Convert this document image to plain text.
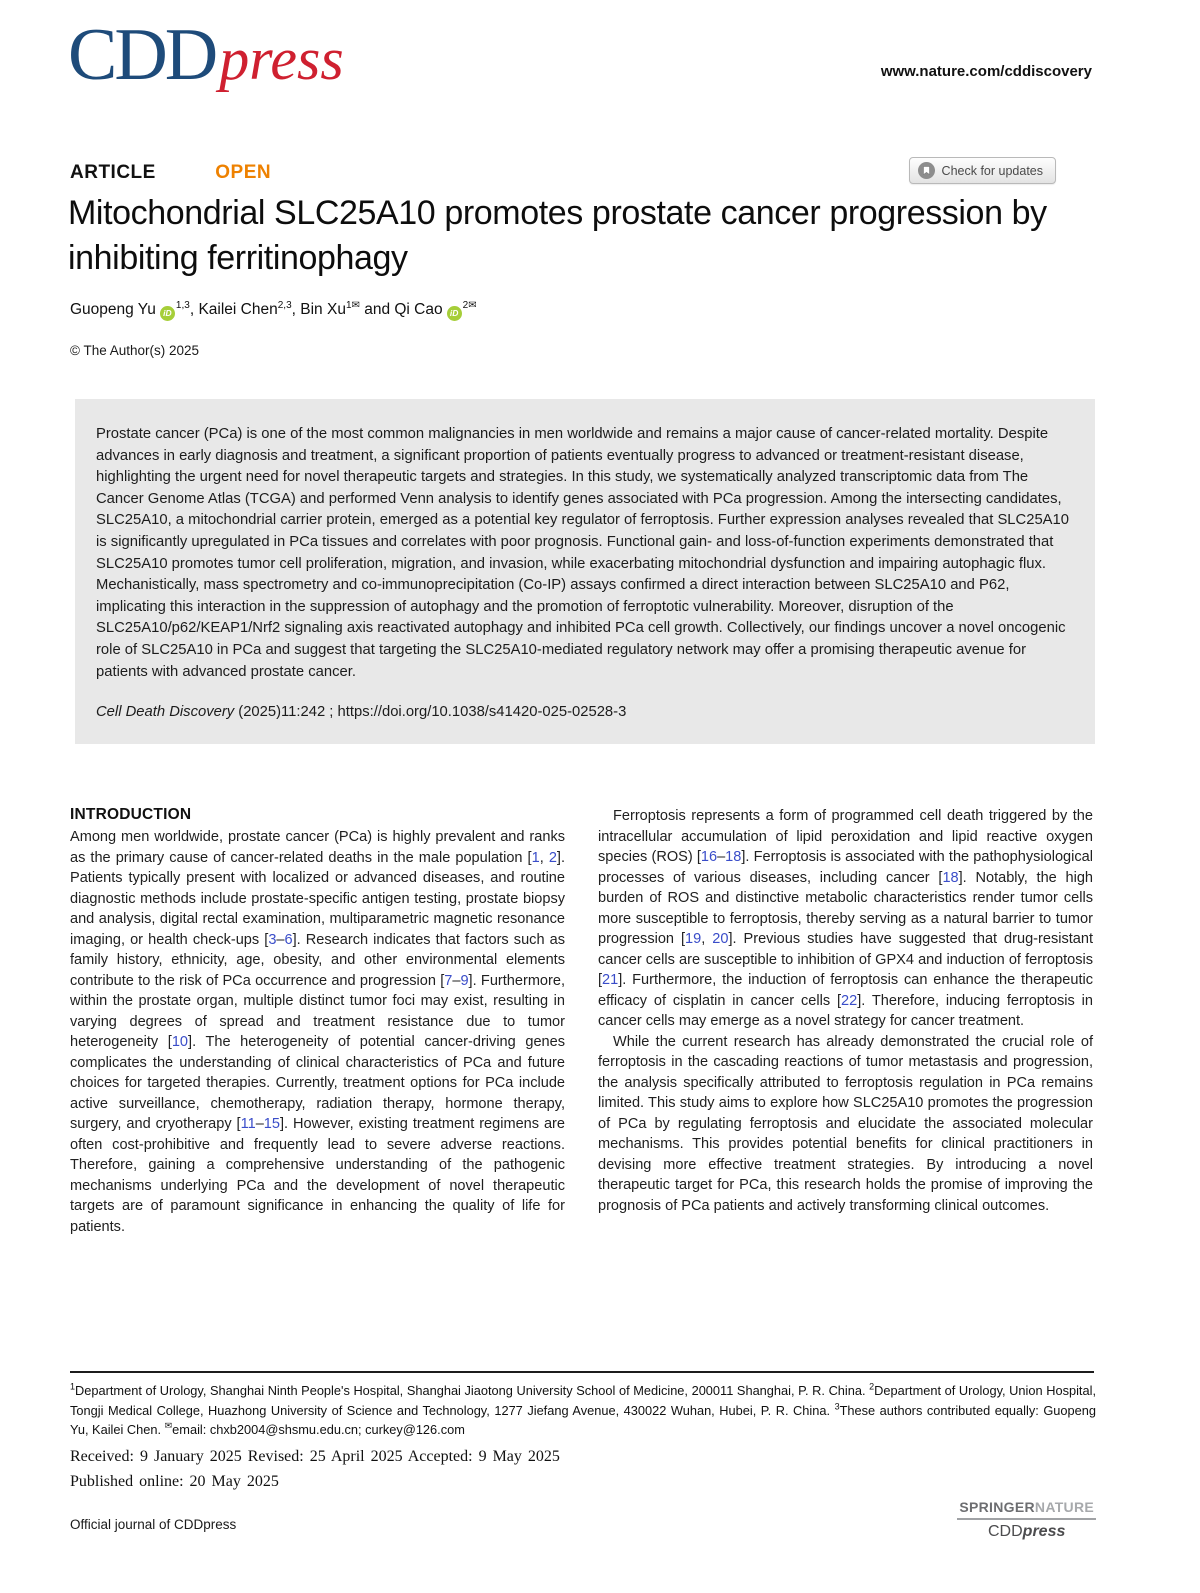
CDD press	www.nature.com/cddiscovery
ARTICLE	OPEN	Check for updates
Mitochondrial SLC25A10 promotes prostate cancer progression by inhibiting ferritinophagy
Guopeng Yu iD$^{1,3}$, Kailei Chen$^{2,3}$, Bin $Xu^{1✉}$ and Qi Cao $iD^{2✉}$
© The Author(s) 2025
Prostate cancer (PCa) is one of the most common malignancies in men worldwide and remains a major cause of cancer-related mortality. Despite advances in early diagnosis and treatment, a significant proportion of patients eventually progress to advanced or treatment-resistant disease, highlighting the urgent need for novel therapeutic targets and strategies. In this study, we systematically analyzed transcriptomic data from The Cancer Genome Atlas (TCGA) and performed Venn analysis to identify genes associated with PCa progression. Among the intersecting candidates, SLC25A10, a mitochondrial carrier protein, emerged as a potential key regulator of ferroptosis. Further expression analyses revealed that SLC25A10 is significantly upregulated in PCa tissues and correlates with poor prognosis. Functional gain- and loss-of-function experiments demonstrated that SLC25A10 promotes tumor cell proliferation, migration, and invasion, while exacerbating mitochondrial dysfunction and impairing autophagic flux. Mechanistically, mass spectrometry and co-immunoprecipitation (Co-IP) assays confirmed a direct interaction between SLC25A10 and P62, implicating this interaction in the suppression of autophagy and the promotion of ferroptotic vulnerability. Moreover, disruption of the SLC25A10/p62/KEAP1/Nrf2 signaling axis reactivated autophagy and inhibited PCa cell growth. Collectively, our findings uncover a novel oncogenic role of SLC25A10 in PCa and suggest that targeting the SLC25A10-mediated regulatory network may offer a promising therapeutic avenue for patients with advanced prostate cancer.
Cell Death Discovery (2025)11:242 ; https://doi.org/10.1038/s41420-025-02528-3
INTRODUCTION

Among men worldwide, prostate cancer (PCa) is highly prevalent and ranks as the primary cause of cancer-related deaths in the male population [1, 2]. Patients typically present with localized or advanced diseases, and routine diagnostic methods include prostate-specific antigen testing, prostate biopsy and analysis, digital rectal examination, multiparametric magnetic resonance imaging, or health check-ups [3–6]. Research indicates that factors such as family history, ethnicity, age, obesity, and other environmental elements contribute to the risk of PCa occurrence and progression [7–9]. Furthermore, within the prostate organ, multiple distinct tumor foci may exist, resulting in varying degrees of spread and treatment resistance due to tumor heterogeneity [10]. The heterogeneity of potential cancer-driving genes complicates the understanding of clinical characteristics of PCa and future choices for targeted therapies. Currently, treatment options for PCa include active surveillance, chemotherapy, radiation therapy, hormone therapy, surgery, and cryotherapy [11–15]. However, existing treatment regimens are often cost-prohibitive and frequently lead to severe adverse reactions. Therefore, gaining a comprehensive understanding of the pathogenic mechanisms underlying PCa and the development of novel therapeutic targets are of paramount significance in enhancing the quality of life for patients.

Ferroptosis represents a form of programmed cell death triggered by the intracellular accumulation of lipid peroxidation and lipid reactive oxygen species (ROS) [16–18]. Ferroptosis is associated with the pathophysiological processes of various diseases, including cancer [18]. Notably, the high burden of ROS and distinctive metabolic characteristics render tumor cells more susceptible to ferroptosis, thereby serving as a natural barrier to tumor progression [19, 20]. Previous studies have suggested that drug-resistant cancer cells are susceptible to inhibition of GPX4 and induction of ferroptosis [21]. Furthermore, the induction of ferroptosis can enhance the therapeutic efficacy of cisplatin in cancer cells [22]. Therefore, inducing ferroptosis in cancer cells may emerge as a novel strategy for cancer treatment.

While the current research has already demonstrated the crucial role of ferroptosis in the cascading reactions of tumor metastasis and progression, the analysis specifically attributed to ferroptosis regulation in PCa remains limited. This study aims to explore how SLC25A10 promotes the progression of PCa by regulating ferroptosis and elucidate the associated molecular mechanisms. This provides potential benefits for clinical practitioners in devising more effective treatment strategies. By introducing a novel therapeutic target for PCa, this research holds the promise of improving the prognosis of PCa patients and actively transforming clinical outcomes.

$^1$Department of Urology, Shanghai Ninth People's Hospital, Shanghai Jiaotong University School of Medicine, 200011 Shanghai, P. R. China. $^2$Department of Urology, Union Hospital, Tongji Medical College, Huazhong University of Science and Technology, 1277 Jiefang Avenue, 430022 Wuhan, Hubei, P. R. China. $^3$These authors contributed equally: Guopeng Yu, Kailei Chen. ✉email: chxb2004@shsmu.edu.cn; curkey@126.com
Received: 9 January 2025 Revised: 25 April 2025 Accepted: 9 May 2025
Published online: 20 May 2025
Official journal of CDDpress
SPRINGERNATURE
CDDpress
